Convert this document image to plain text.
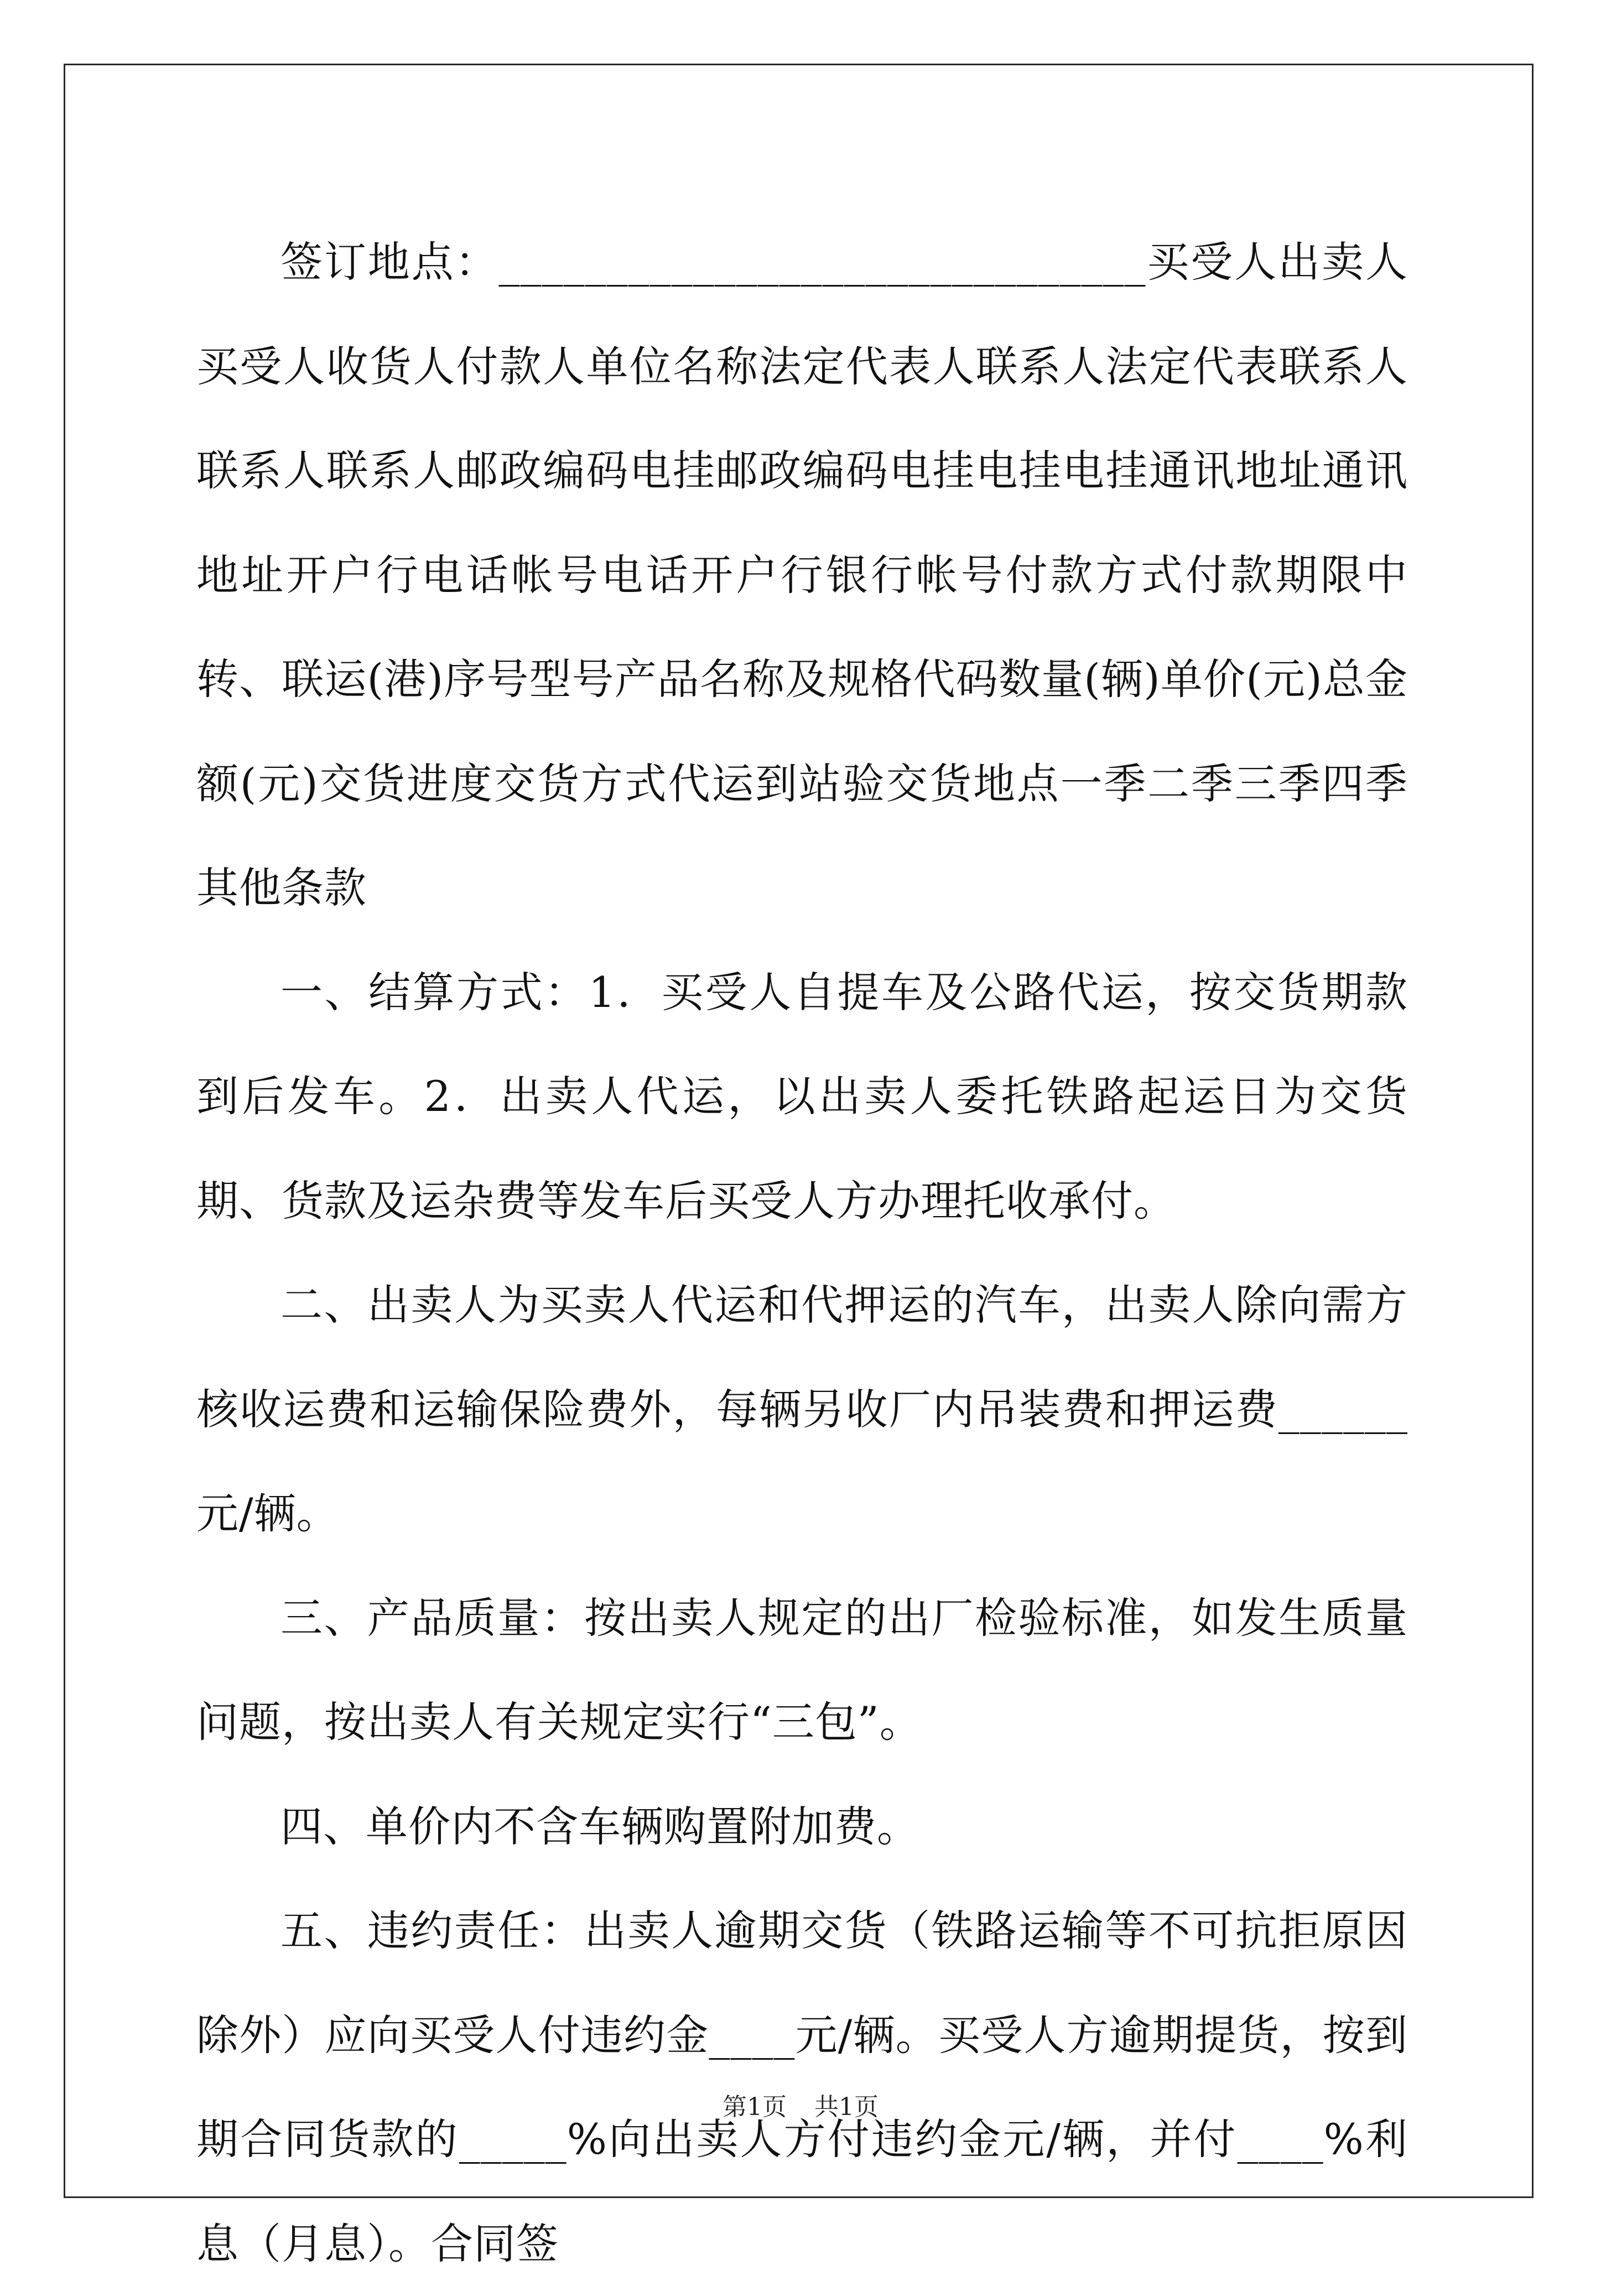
签订地点：______________________________买受人出卖人买受人收货人付款人单位名称法定代表人联系人法定代表联系人联系人联系人邮政编码电挂邮政编码电挂电挂电挂通讯地址通讯地址开户行电话帐号电话开户行银行帐号付款方式付款期限中转、联运(港)序号型号产品名称及规格代码数量(辆)单价(元)总金额(元)交货进度交货方式代运到站验交货地点一季二季三季四季其他条款

一、结算方式：1．买受人自提车及公路代运，按交货期款到后发车。2．出卖人代运，以出卖人委托铁路起运日为交货期、货款及运杂费等发车后买受人方办理托收承付。

二、出卖人为买卖人代运和代押运的汽车，出卖人除向需方核收运费和运输保险费外，每辆另收厂内吊装费和押运费______元/辆。

三、产品质量：按出卖人规定的出厂检验标准，如发生质量问题，按出卖人有关规定实行“三包”。

四、单价内不含车辆购置附加费。

五、违约责任：出卖人逾期交货（铁路运输等不可抗拒原因除外）应向买受人付违约金____元/辆。买受人方逾期提货，按到期合同货款的_____%向出卖人方付违约金元/辆，并付____%利息（月息）。合同签

第1页 共1页
